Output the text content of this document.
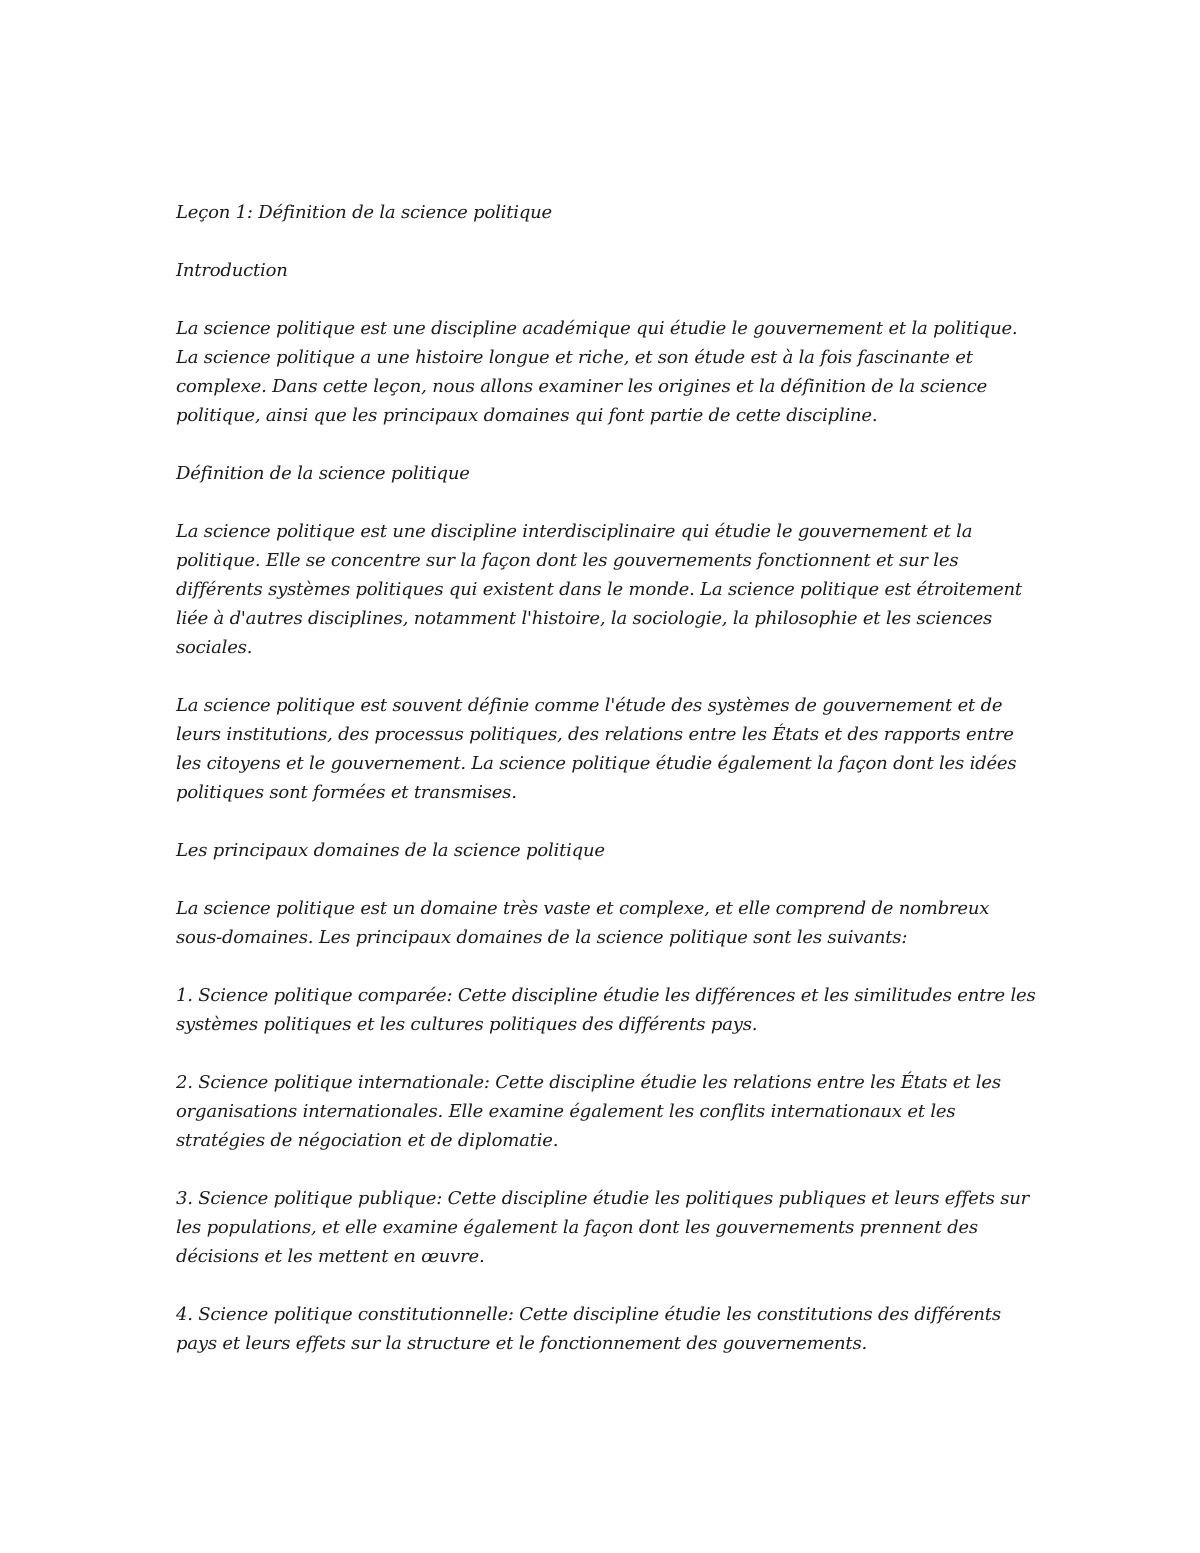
Leçon 1: Définition de la science politique

Introduction

La science politique est une discipline académique qui étudie le gouvernement et la politique. La science politique a une histoire longue et riche, et son étude est à la fois fascinante et complexe. Dans cette leçon, nous allons examiner les origines et la définition de la science politique, ainsi que les principaux domaines qui font partie de cette discipline.

Définition de la science politique

La science politique est une discipline interdisciplinaire qui étudie le gouvernement et la politique. Elle se concentre sur la façon dont les gouvernements fonctionnent et sur les différents systèmes politiques qui existent dans le monde. La science politique est étroitement liée à d'autres disciplines, notamment l'histoire, la sociologie, la philosophie et les sciences sociales.

La science politique est souvent définie comme l'étude des systèmes de gouvernement et de leurs institutions, des processus politiques, des relations entre les États et des rapports entre les citoyens et le gouvernement. La science politique étudie également la façon dont les idées politiques sont formées et transmises.

Les principaux domaines de la science politique

La science politique est un domaine très vaste et complexe, et elle comprend de nombreux sous-domaines. Les principaux domaines de la science politique sont les suivants:

1. Science politique comparée: Cette discipline étudie les différences et les similitudes entre les systèmes politiques et les cultures politiques des différents pays.

2. Science politique internationale: Cette discipline étudie les relations entre les États et les organisations internationales. Elle examine également les conflits internationaux et les stratégies de négociation et de diplomatie.

3. Science politique publique: Cette discipline étudie les politiques publiques et leurs effets sur les populations, et elle examine également la façon dont les gouvernements prennent des décisions et les mettent en œuvre.

4. Science politique constitutionnelle: Cette discipline étudie les constitutions des différents pays et leurs effets sur la structure et le fonctionnement des gouvernements.
